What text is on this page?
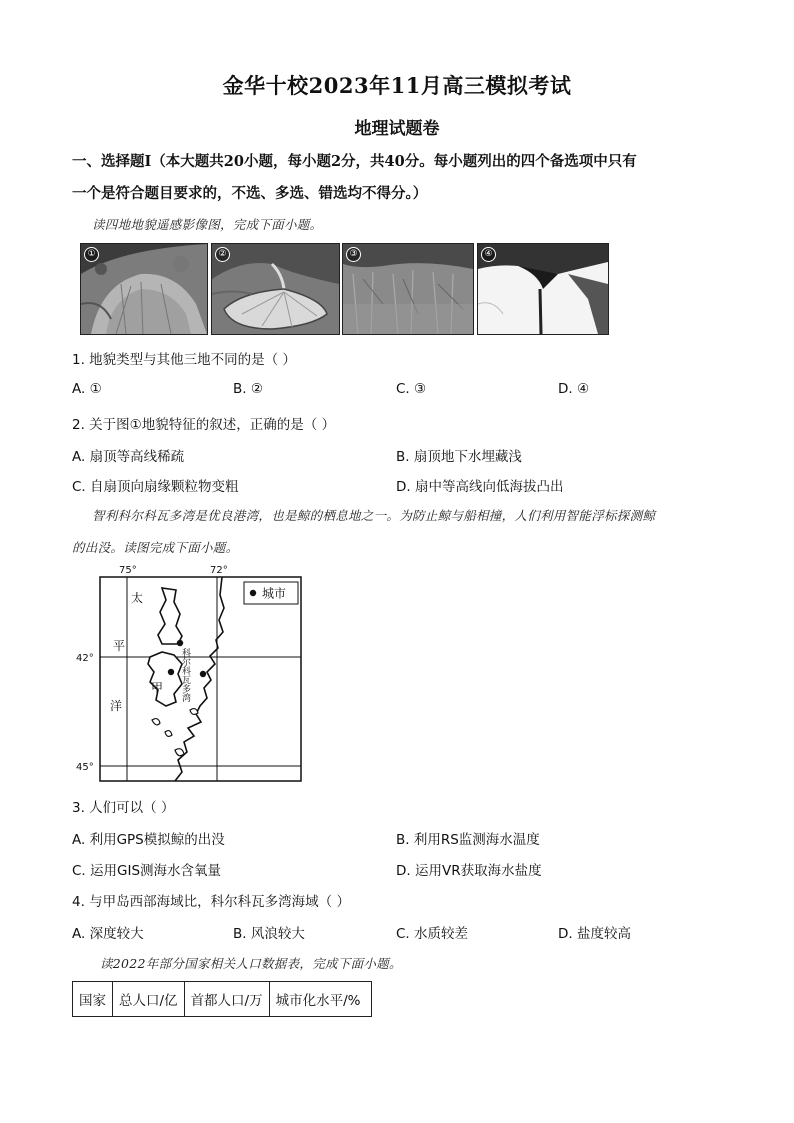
金华十校2023年11月高三模拟考试
地理试题卷
一、选择题Ⅰ（本大题共20小题，每小题2分，共40分。每小题列出的四个备选项中只有
一个是符合题目要求的，不选、多选、错选均不得分。）
读四地地貌遥感影像图，完成下面小题。
①	②	③	④
1. 地貌类型与其他三地不同的是（ ）
A. ①	B. ②	C. ③	D. ④
2. 关于图①地貌特征的叙述，正确的是（ ）
A. 扇顶等高线稀疏	B. 扇顶地下水埋藏浅
C. 自扇顶向扇缘颗粒物变粗	D. 扇中等高线向低海拔凸出
智利科尔科瓦多湾是优良港湾，也是鲸的栖息地之一。为防止鲸与船相撞，人们利用智能浮标探测鲸
的出没。读图完成下面小题。
城市
75°	72°
42°
45°
太
平
洋
甲 科尔科瓦多湾
3. 人们可以（ ）
A. 利用GPS模拟鲸的出没	B. 利用RS监测海水温度
C. 运用GIS测海水含氧量	D. 运用VR获取海水盐度
4. 与甲岛西部海域比，科尔科瓦多湾海域（ ）
A. 深度较大	B. 风浪较大	C. 水质较差	D. 盐度较高
读2022年部分国家相关人口数据表，完成下面小题。
国家	总人口/亿	首都人口/万	城市化水平/%
